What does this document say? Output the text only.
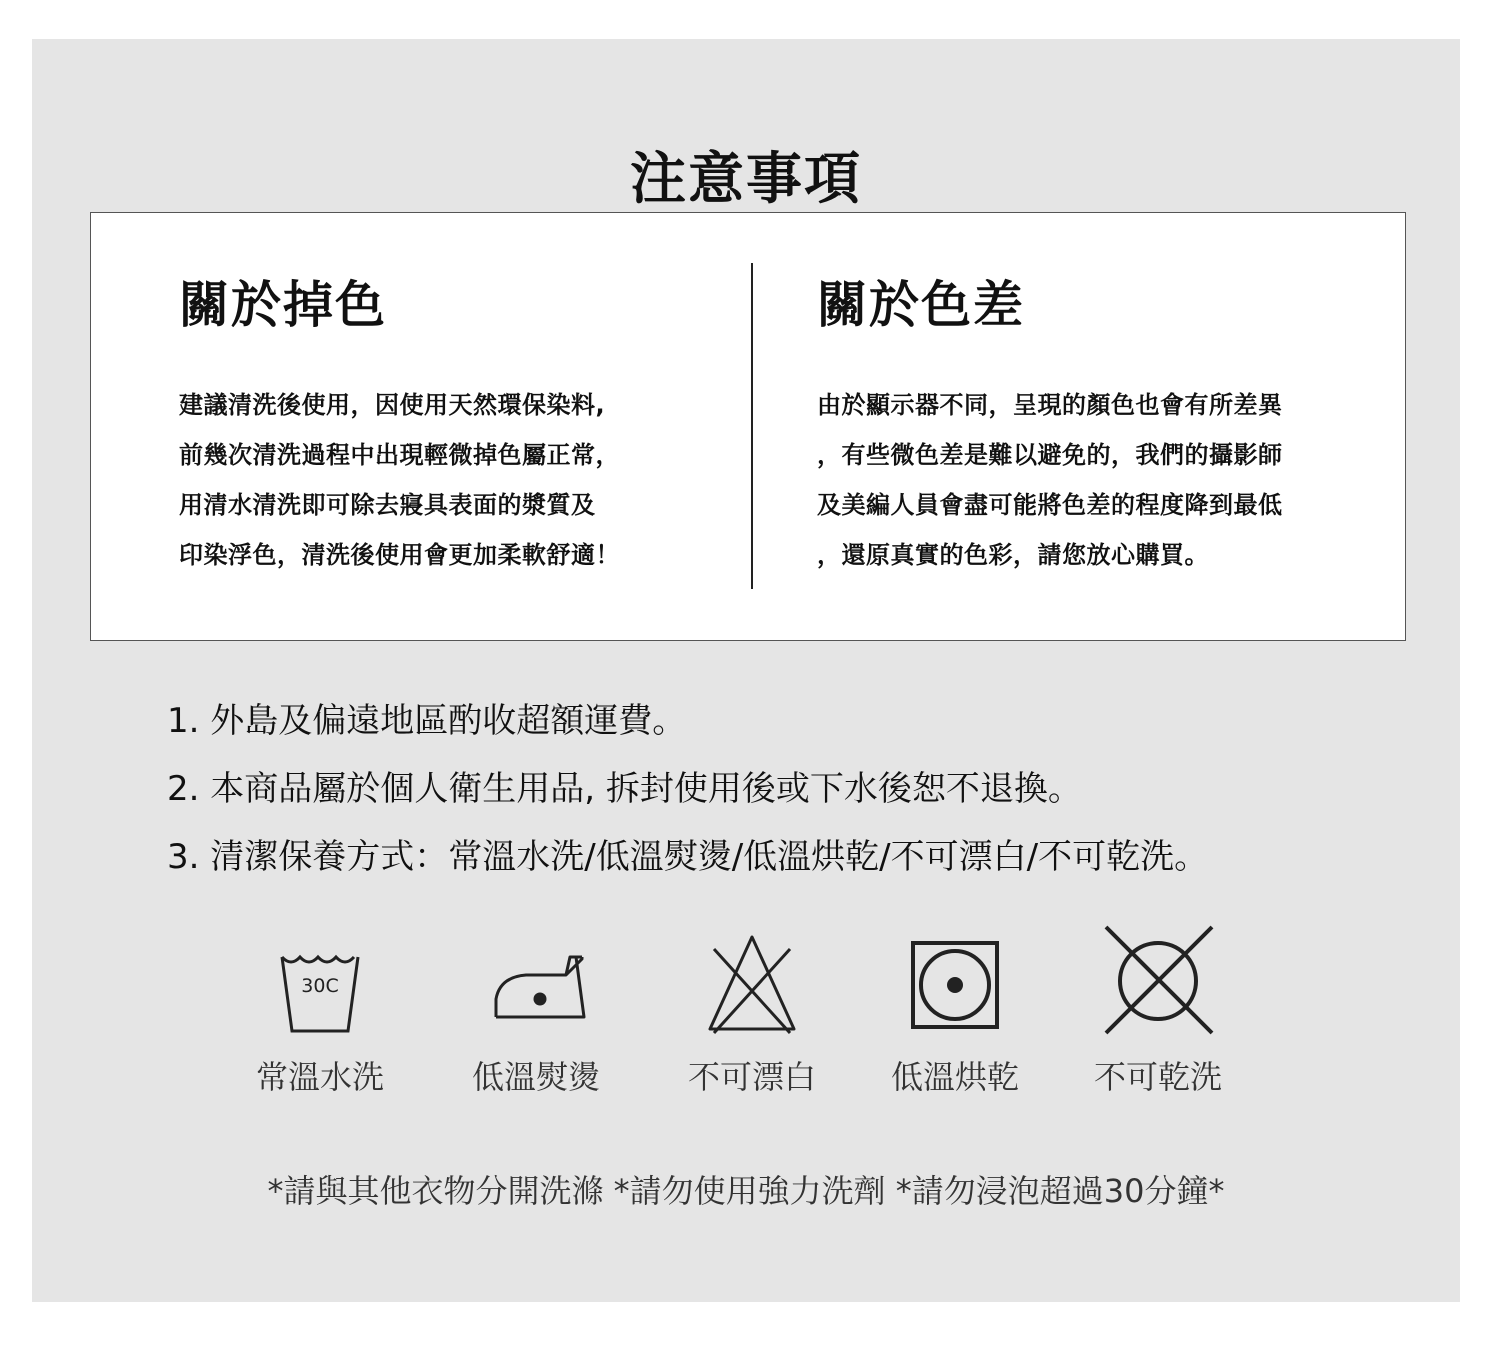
注意事項
關於掉色
建議清洗後使用，因使用天然環保染料,
前幾次清洗過程中出現輕微掉色屬正常，
用清水清洗即可除去寢具表面的漿質及
印染浮色，清洗後使用會更加柔軟舒適！
關於色差
由於顯示器不同，呈現的顏色也會有所差異
，有些微色差是難以避免的，我們的攝影師
及美編人員會盡可能將色差的程度降到最低
，還原真實的色彩，請您放心購買。
1. 外島及偏遠地區酌收超額運費。
2. 本商品屬於個人衛生用品, 拆封使用後或下水後恕不退換。
3. 清潔保養方式：常溫水洗/低溫熨燙/低溫烘乾/不可漂白/不可乾洗。
30C
常溫水洗	低溫熨燙	不可漂白	低溫烘乾	不可乾洗
*請與其他衣物分開洗滌 *請勿使用強力洗劑 *請勿浸泡超過30分鐘*
